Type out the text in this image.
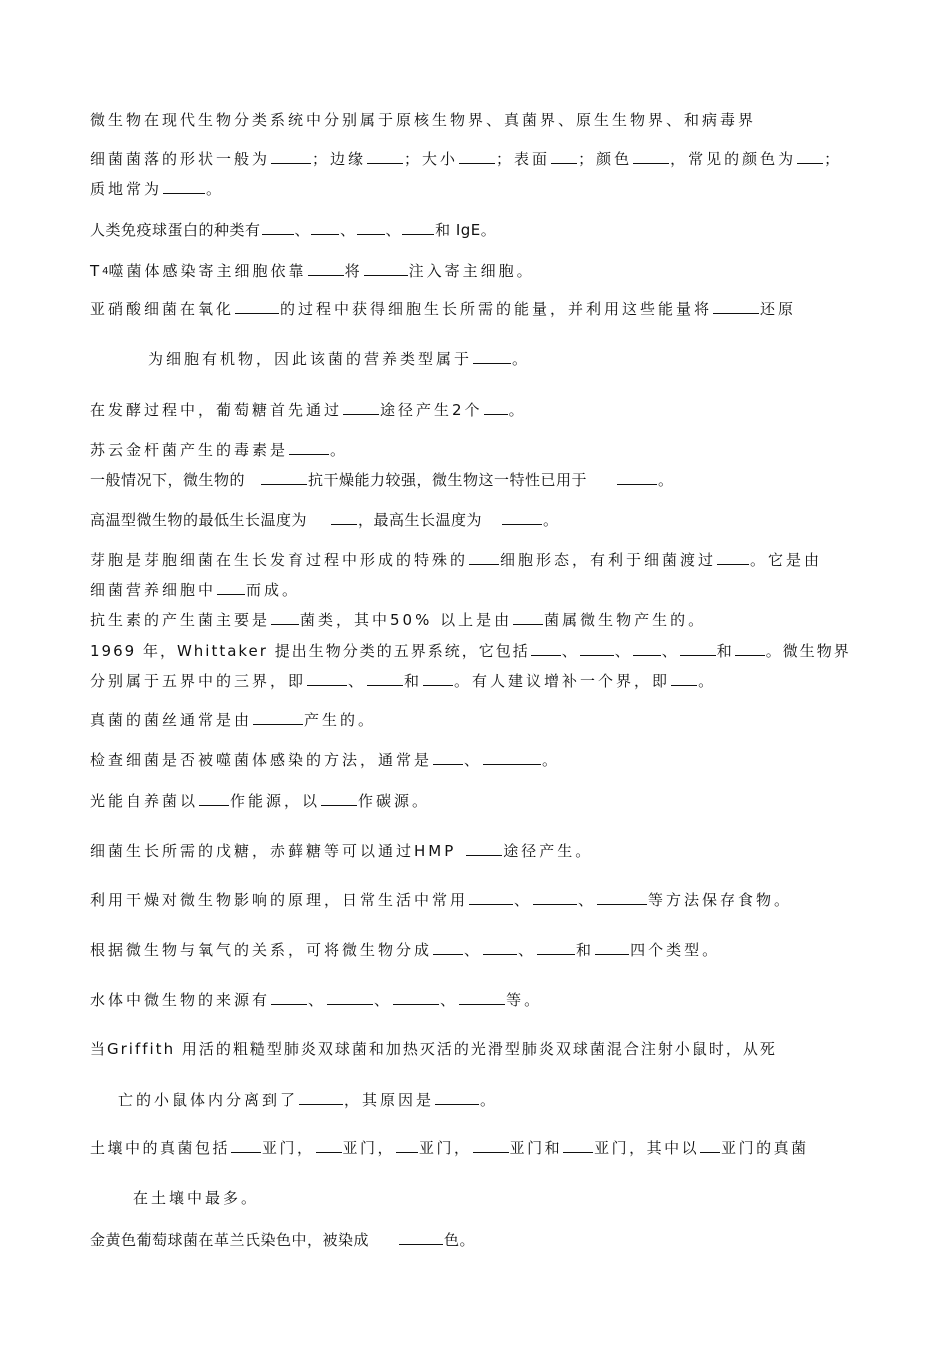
微生物在现代生物分类系统中分别属于原核生物界、真菌界、原生生物界、和病毒界
细菌菌落的形状一般为	；边缘	；大小	；表面 ；颜色	，常见的颜色为 ；
质地常为	。
人类免疫球蛋白的种类有 、 、 、 和 IgE。
$T_4$噬菌体感染寄主细胞依靠	将	注入寄主细胞。
亚硝酸细菌在氧化	的过程中获得细胞生长所需的能量，并利用这些能量将	还原
为细胞有机物，因此该菌的营养类型属于	。
在发酵过程中，葡萄糖首先通过	途径产生2个 。
苏云金杆菌产生的毒素是	。
一般情况下，微生物的	抗干燥能力较强，微生物这一特性已用于	。
高温型微生物的最低生长温度为	，最高生长温度为	。
芽胞是芽胞细菌在生长发育过程中形成的特殊的 细胞形态，有利于细菌渡过 。它是由
细菌营养细胞中 而成。
抗生素的产生菌主要是 菌类，其中50% 以上是由 菌属微生物产生的。
1969 年，Whittaker 提出生物分类的五界系统，它包括 、 、 、	和 。微生物界
分别属于五界中的三界，即	、	和 。有人建议增补一个界，即 。
真菌的菌丝通常是由	产生的。
检查细菌是否被噬菌体感染的方法，通常是 、	。
光能自养菌以 作能源，以	作碳源。
细菌生长所需的戊糖，赤藓糖等可以通过HMP	途径产生。
利用干燥对微生物影响的原理，日常生活中常用	、	、	等方法保存食物。
根据微生物与氧气的关系，可将微生物分成 、 、	和 四个类型。
水体中微生物的来源有	、	、	、	等。
当Griffith 用活的粗糙型肺炎双球菌和加热灭活的光滑型肺炎双球菌混合注射小鼠时，从死
亡的小鼠体内分离到了	，其原因是	。
土壤中的真菌包括 亚门， 亚门， 亚门，	亚门和 亚门，其中以 亚门的真菌
在土壤中最多。
金黄色葡萄球菌在革兰氏染色中，被染成	色。
